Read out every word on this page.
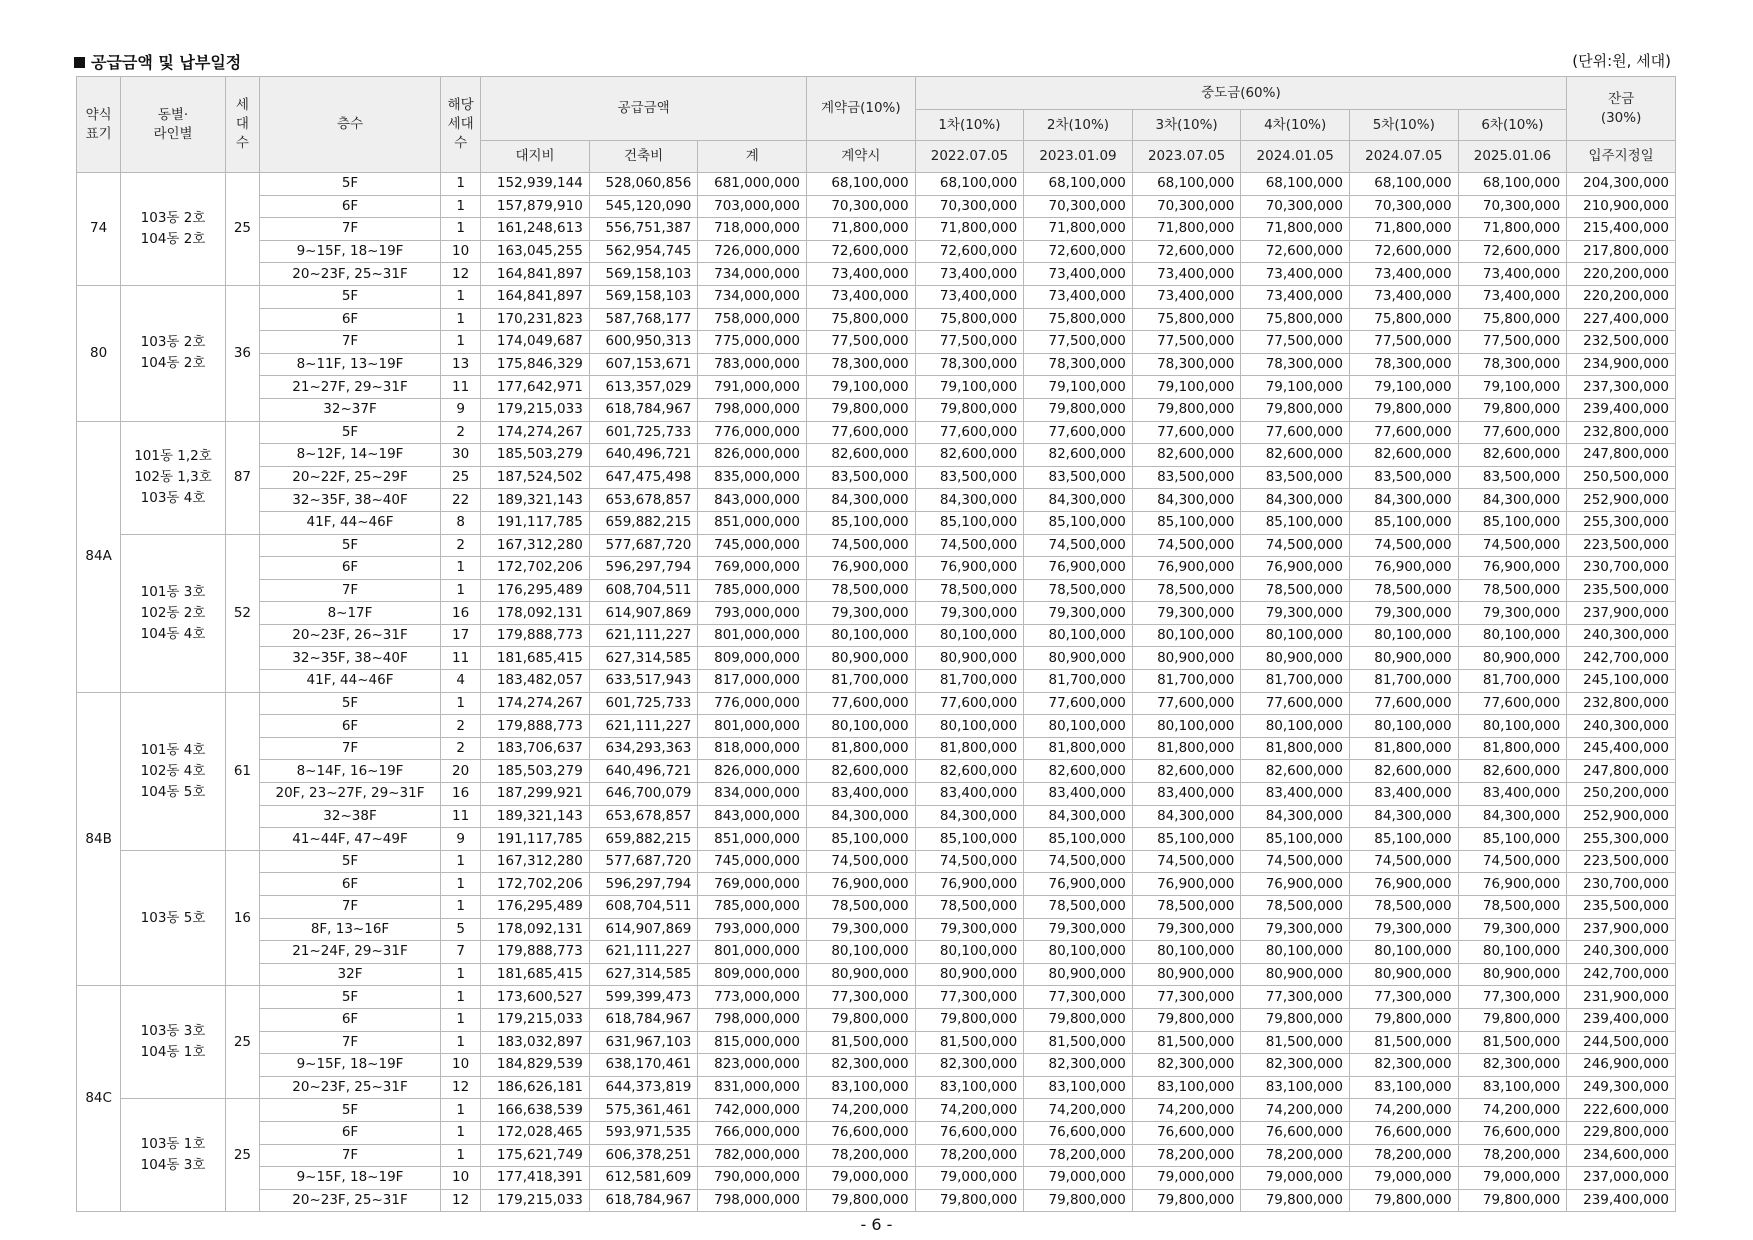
공급금액 및 납부일정	(단위:원, 세대)
약식
표기	동별·
라인별	세
대
수	층수	해당
세대
수	공급금액			계약금(10%)	중도금(60%)						잔금
(30%)
									1차(10%)	2차(10%)	3차(10%)	4차(10%)	5차(10%)	6차(10%)	
					대지비	건축비	계	계약시	2022.07.05	2023.01.09	2023.07.05	2024.01.05	2024.07.05	2025.01.06	입주지정일
74	103동 2호
104동 2호	25	5F	1	152,939,144	528,060,856	681,000,000	68,100,000	68,100,000	68,100,000	68,100,000	68,100,000	68,100,000	68,100,000	204,300,000
			6F	1	157,879,910	545,120,090	703,000,000	70,300,000	70,300,000	70,300,000	70,300,000	70,300,000	70,300,000	70,300,000	210,900,000
			7F	1	161,248,613	556,751,387	718,000,000	71,800,000	71,800,000	71,800,000	71,800,000	71,800,000	71,800,000	71,800,000	215,400,000
			9~15F, 18~19F	10	163,045,255	562,954,745	726,000,000	72,600,000	72,600,000	72,600,000	72,600,000	72,600,000	72,600,000	72,600,000	217,800,000
			20~23F, 25~31F	12	164,841,897	569,158,103	734,000,000	73,400,000	73,400,000	73,400,000	73,400,000	73,400,000	73,400,000	73,400,000	220,200,000
80	103동 2호
104동 2호	36	5F	1	164,841,897	569,158,103	734,000,000	73,400,000	73,400,000	73,400,000	73,400,000	73,400,000	73,400,000	73,400,000	220,200,000
			6F	1	170,231,823	587,768,177	758,000,000	75,800,000	75,800,000	75,800,000	75,800,000	75,800,000	75,800,000	75,800,000	227,400,000
			7F	1	174,049,687	600,950,313	775,000,000	77,500,000	77,500,000	77,500,000	77,500,000	77,500,000	77,500,000	77,500,000	232,500,000
			8~11F, 13~19F	13	175,846,329	607,153,671	783,000,000	78,300,000	78,300,000	78,300,000	78,300,000	78,300,000	78,300,000	78,300,000	234,900,000
			21~27F, 29~31F	11	177,642,971	613,357,029	791,000,000	79,100,000	79,100,000	79,100,000	79,100,000	79,100,000	79,100,000	79,100,000	237,300,000
			32~37F	9	179,215,033	618,784,967	798,000,000	79,800,000	79,800,000	79,800,000	79,800,000	79,800,000	79,800,000	79,800,000	239,400,000
84A	101동 1,2호
102동 1,3호
103동 4호	87	5F	2	174,274,267	601,725,733	776,000,000	77,600,000	77,600,000	77,600,000	77,600,000	77,600,000	77,600,000	77,600,000	232,800,000
			8~12F, 14~19F	30	185,503,279	640,496,721	826,000,000	82,600,000	82,600,000	82,600,000	82,600,000	82,600,000	82,600,000	82,600,000	247,800,000
			20~22F, 25~29F	25	187,524,502	647,475,498	835,000,000	83,500,000	83,500,000	83,500,000	83,500,000	83,500,000	83,500,000	83,500,000	250,500,000
			32~35F, 38~40F	22	189,321,143	653,678,857	843,000,000	84,300,000	84,300,000	84,300,000	84,300,000	84,300,000	84,300,000	84,300,000	252,900,000
			41F, 44~46F	8	191,117,785	659,882,215	851,000,000	85,100,000	85,100,000	85,100,000	85,100,000	85,100,000	85,100,000	85,100,000	255,300,000
	101동 3호
102동 2호
104동 4호	52	5F	2	167,312,280	577,687,720	745,000,000	74,500,000	74,500,000	74,500,000	74,500,000	74,500,000	74,500,000	74,500,000	223,500,000
			6F	1	172,702,206	596,297,794	769,000,000	76,900,000	76,900,000	76,900,000	76,900,000	76,900,000	76,900,000	76,900,000	230,700,000
			7F	1	176,295,489	608,704,511	785,000,000	78,500,000	78,500,000	78,500,000	78,500,000	78,500,000	78,500,000	78,500,000	235,500,000
			8~17F	16	178,092,131	614,907,869	793,000,000	79,300,000	79,300,000	79,300,000	79,300,000	79,300,000	79,300,000	79,300,000	237,900,000
			20~23F, 26~31F	17	179,888,773	621,111,227	801,000,000	80,100,000	80,100,000	80,100,000	80,100,000	80,100,000	80,100,000	80,100,000	240,300,000
			32~35F, 38~40F	11	181,685,415	627,314,585	809,000,000	80,900,000	80,900,000	80,900,000	80,900,000	80,900,000	80,900,000	80,900,000	242,700,000
			41F, 44~46F	4	183,482,057	633,517,943	817,000,000	81,700,000	81,700,000	81,700,000	81,700,000	81,700,000	81,700,000	81,700,000	245,100,000
84B	101동 4호
102동 4호
104동 5호	61	5F	1	174,274,267	601,725,733	776,000,000	77,600,000	77,600,000	77,600,000	77,600,000	77,600,000	77,600,000	77,600,000	232,800,000
			6F	2	179,888,773	621,111,227	801,000,000	80,100,000	80,100,000	80,100,000	80,100,000	80,100,000	80,100,000	80,100,000	240,300,000
			7F	2	183,706,637	634,293,363	818,000,000	81,800,000	81,800,000	81,800,000	81,800,000	81,800,000	81,800,000	81,800,000	245,400,000
			8~14F, 16~19F	20	185,503,279	640,496,721	826,000,000	82,600,000	82,600,000	82,600,000	82,600,000	82,600,000	82,600,000	82,600,000	247,800,000
			20F, 23~27F, 29~31F	16	187,299,921	646,700,079	834,000,000	83,400,000	83,400,000	83,400,000	83,400,000	83,400,000	83,400,000	83,400,000	250,200,000
			32~38F	11	189,321,143	653,678,857	843,000,000	84,300,000	84,300,000	84,300,000	84,300,000	84,300,000	84,300,000	84,300,000	252,900,000
			41~44F, 47~49F	9	191,117,785	659,882,215	851,000,000	85,100,000	85,100,000	85,100,000	85,100,000	85,100,000	85,100,000	85,100,000	255,300,000
	103동 5호	16	5F	1	167,312,280	577,687,720	745,000,000	74,500,000	74,500,000	74,500,000	74,500,000	74,500,000	74,500,000	74,500,000	223,500,000
			6F	1	172,702,206	596,297,794	769,000,000	76,900,000	76,900,000	76,900,000	76,900,000	76,900,000	76,900,000	76,900,000	230,700,000
			7F	1	176,295,489	608,704,511	785,000,000	78,500,000	78,500,000	78,500,000	78,500,000	78,500,000	78,500,000	78,500,000	235,500,000
			8F, 13~16F	5	178,092,131	614,907,869	793,000,000	79,300,000	79,300,000	79,300,000	79,300,000	79,300,000	79,300,000	79,300,000	237,900,000
			21~24F, 29~31F	7	179,888,773	621,111,227	801,000,000	80,100,000	80,100,000	80,100,000	80,100,000	80,100,000	80,100,000	80,100,000	240,300,000
			32F	1	181,685,415	627,314,585	809,000,000	80,900,000	80,900,000	80,900,000	80,900,000	80,900,000	80,900,000	80,900,000	242,700,000
84C	103동 3호
104동 1호	25	5F	1	173,600,527	599,399,473	773,000,000	77,300,000	77,300,000	77,300,000	77,300,000	77,300,000	77,300,000	77,300,000	231,900,000
			6F	1	179,215,033	618,784,967	798,000,000	79,800,000	79,800,000	79,800,000	79,800,000	79,800,000	79,800,000	79,800,000	239,400,000
			7F	1	183,032,897	631,967,103	815,000,000	81,500,000	81,500,000	81,500,000	81,500,000	81,500,000	81,500,000	81,500,000	244,500,000
			9~15F, 18~19F	10	184,829,539	638,170,461	823,000,000	82,300,000	82,300,000	82,300,000	82,300,000	82,300,000	82,300,000	82,300,000	246,900,000
			20~23F, 25~31F	12	186,626,181	644,373,819	831,000,000	83,100,000	83,100,000	83,100,000	83,100,000	83,100,000	83,100,000	83,100,000	249,300,000
	103동 1호
104동 3호	25	5F	1	166,638,539	575,361,461	742,000,000	74,200,000	74,200,000	74,200,000	74,200,000	74,200,000	74,200,000	74,200,000	222,600,000
			6F	1	172,028,465	593,971,535	766,000,000	76,600,000	76,600,000	76,600,000	76,600,000	76,600,000	76,600,000	76,600,000	229,800,000
			7F	1	175,621,749	606,378,251	782,000,000	78,200,000	78,200,000	78,200,000	78,200,000	78,200,000	78,200,000	78,200,000	234,600,000
			9~15F, 18~19F	10	177,418,391	612,581,609	790,000,000	79,000,000	79,000,000	79,000,000	79,000,000	79,000,000	79,000,000	79,000,000	237,000,000
			20~23F, 25~31F	12	179,215,033	618,784,967	798,000,000	79,800,000	79,800,000	79,800,000	79,800,000	79,800,000	79,800,000	79,800,000	239,400,000
- 6 -
